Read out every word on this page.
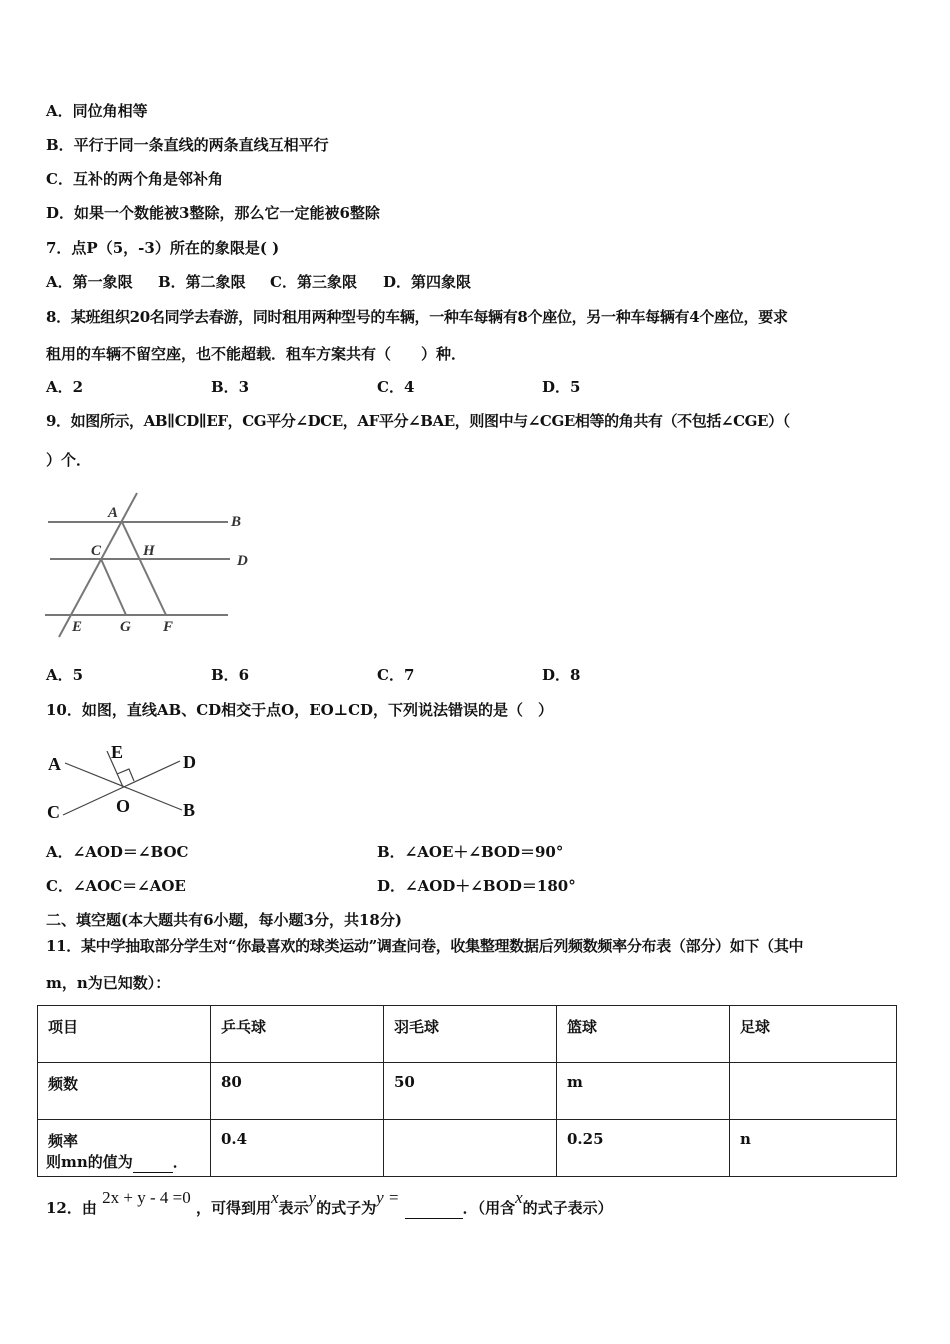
A．同位角相等
B．平行于同一条直线的两条直线互相平行
C．互补的两个角是邻补角
D．如果一个数能被3整除，那么它一定能被6整除
7．点P（5，-3）所在的象限是( )
A．第一象限 B．第二象限 C．第三象限 D．第四象限
8．某班组织20名同学去春游，同时租用两种型号的车辆，一种车每辆有8个座位，另一种车每辆有4个座位，要求
租用的车辆不留空座，也不能超载．租车方案共有（　　）种．
A．2	B．3	C．4	D．5
9．如图所示，AB∥CD∥EF，CG平分∠DCE，AF平分∠BAE，则图中与∠CGE相等的角共有（不包括∠CGE）（
）个．
A
B
C	H
D
E	G F
A
E	D
C	O	B
A．5	B．6	C．7	D．8
10．如图，直线AB、CD相交于点O，EO⊥CD，下列说法错误的是（　）
A．∠AOD＝∠BOC	B．∠AOE＋∠BOD＝90°
C．∠AOC＝∠AOE	D．∠AOD＋∠BOD＝180°
二、填空题(本大题共有6小题，每小题3分，共18分)
11．某中学抽取部分学生对“你最喜欢的球类运动”调查问卷，收集整理数据后列频数频率分布表（部分）如下（其中
m，n为已知数）：
项目	乒乓球	羽毛球	篮球	足球
频数	80	50	m	
频率	0.4		0.25	n
则mn的值为	．
12．由 2x + y - 4 =0 ，可得到用x表示y的式子为y =  ．（用含x的式子表示）
